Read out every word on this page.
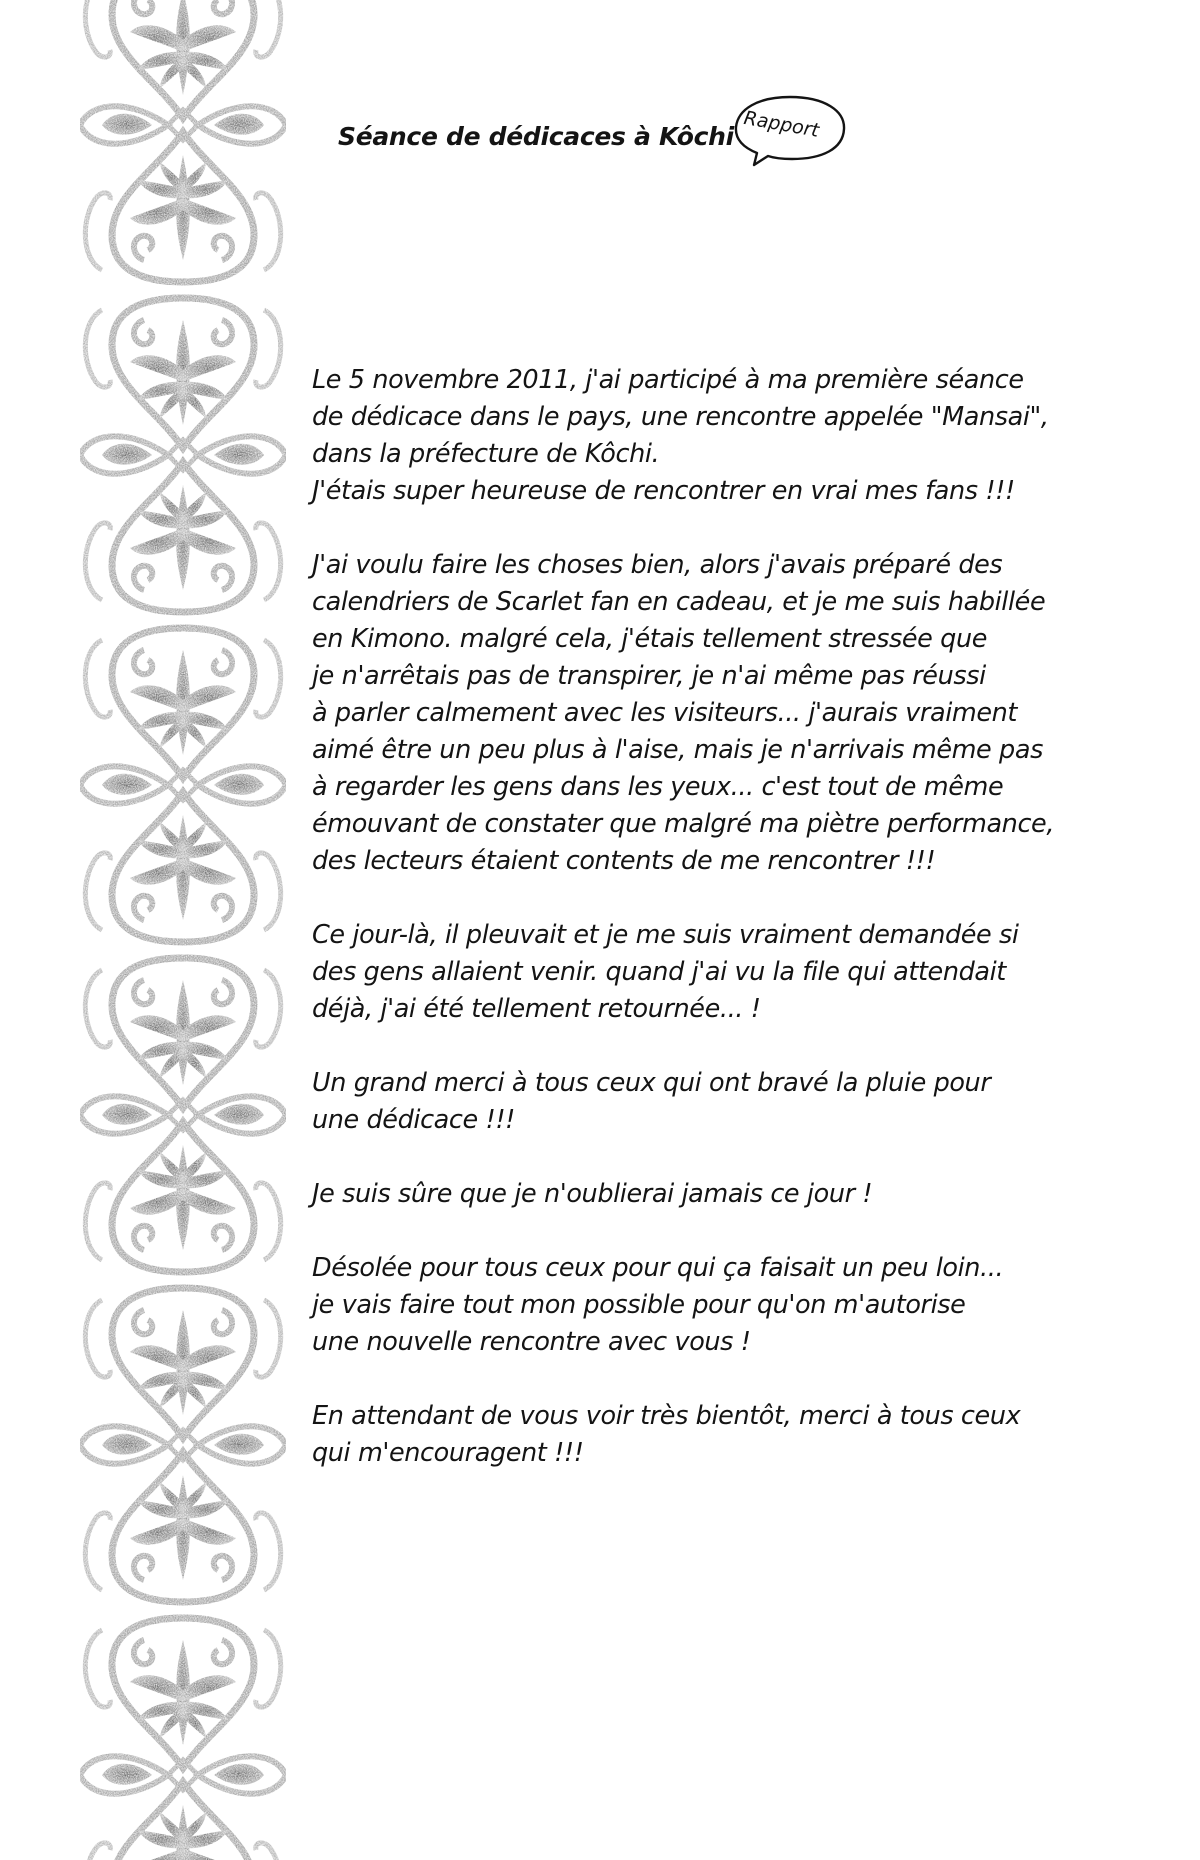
Séance de dédicaces à Kôchi Rapport
Le 5 novembre 2011, j'ai participé à ma première séance
de dédicace dans le pays, une rencontre appelée "Mansai",
dans la préfecture de Kôchi.
J'étais super heureuse de rencontrer en vrai mes fans !!!
J'ai voulu faire les choses bien, alors j'avais préparé des
calendriers de Scarlet fan en cadeau, et je me suis habillée
en Kimono. malgré cela, j'étais tellement stressée que
je n'arrêtais pas de transpirer, je n'ai même pas réussi
à parler calmement avec les visiteurs... j'aurais vraiment
aimé être un peu plus à l'aise, mais je n'arrivais même pas
à regarder les gens dans les yeux... c'est tout de même
émouvant de constater que malgré ma piètre performance,
des lecteurs étaient contents de me rencontrer !!!
Ce jour-là, il pleuvait et je me suis vraiment demandée si
des gens allaient venir. quand j'ai vu la file qui attendait
déjà, j'ai été tellement retournée... !
Un grand merci à tous ceux qui ont bravé la pluie pour
une dédicace !!!
Je suis sûre que je n'oublierai jamais ce jour !
Désolée pour tous ceux pour qui ça faisait un peu loin...
je vais faire tout mon possible pour qu'on m'autorise
une nouvelle rencontre avec vous !
En attendant de vous voir très bientôt, merci à tous ceux
qui m'encouragent !!!
